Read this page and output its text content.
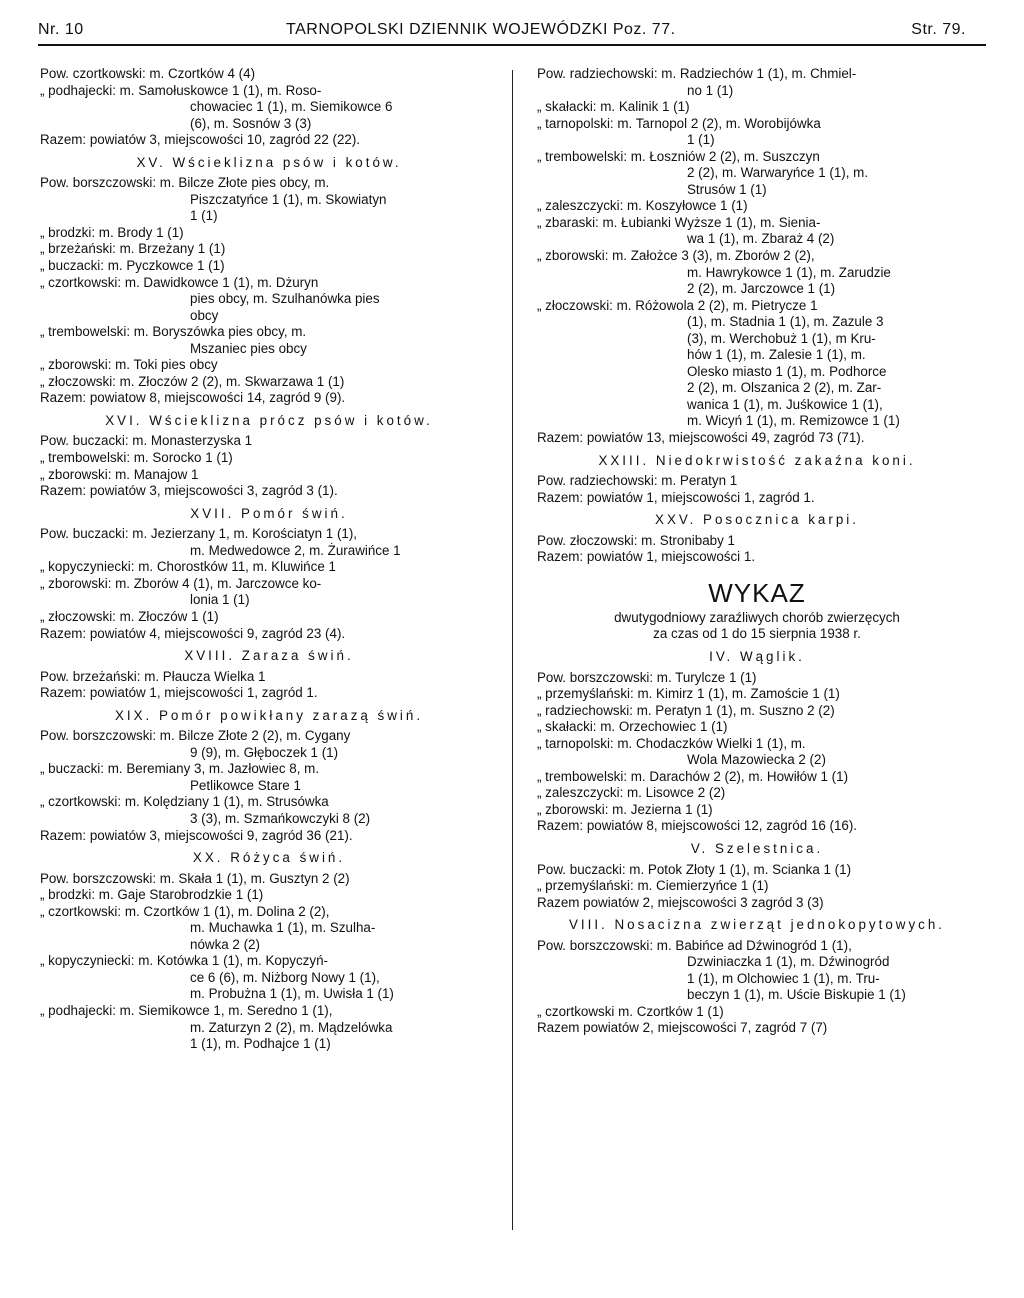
Nr. 10	TARNOPOLSKI DZIENNIK WOJEWÓDZKI Poz. 77.	Str. 79.
Pow. czortkowski: m. Czortków 4 (4)
„ podhajecki: m. Samołuskowce 1 (1), m. Roso-
chowaciec 1 (1), m. Siemikowce 6
(6), m. Sosnów 3 (3)
Razem: powiatów 3, miejscowości 10, zagród 22 (22).
XV. Wścieklizna psów i kotów.
Pow. borszczowski: m. Bilcze Złote pies obcy, m.
Piszczatyńce 1 (1), m. Skowiatyn
1 (1)
„ brodzki: m. Brody 1 (1)
„ brzeżański: m. Brzeżany 1 (1)
„ buczacki: m. Pyczkowce 1 (1)
„ czortkowski: m. Dawidkowce 1 (1), m. Dżuryn
pies obcy, m. Szulhanówka pies
obcy
„ trembowelski: m. Boryszówka pies obcy, m.
Mszaniec pies obcy
„ zborowski: m. Toki pies obcy
„ złoczowski: m. Złoczów 2 (2), m. Skwarzawa 1 (1)
Razem: powiatow 8, miejscowości 14, zagród 9 (9).
XVI. Wścieklizna prócz psów i kotów.
Pow. buczacki: m. Monasterzyska 1
„ trembowelski: m. Sorocko 1 (1)
„ zborowski: m. Manajow 1
Razem: powiatów 3, miejscowości 3, zagród 3 (1).
XVII. Pomór świń.
Pow. buczacki: m. Jezierzany 1, m. Korościatyn 1 (1),
m. Medwedowce 2, m. Żurawińce 1
„ kopyczyniecki: m. Chorostków 11, m. Kluwińce 1
„ zborowski: m. Zborów 4 (1), m. Jarczowce ko-
lonia 1 (1)
„ złoczowski: m. Złoczów 1 (1)
Razem: powiatów 4, miejscowości 9, zagród 23 (4).
XVIII. Zaraza świń.
Pow. brzeżański: m. Płaucza Wielka 1
Razem: powiatów 1, miejscowości 1, zagród 1.
XIX. Pomór powikłany zarazą świń.
Pow. borszczowski: m. Bilcze Złote 2 (2), m. Cygany
9 (9), m. Głęboczek 1 (1)
„ buczacki: m. Beremiany 3, m. Jazłowiec 8, m.
Petlikowce Stare 1
„ czortkowski: m. Kolędziany 1 (1), m. Strusówka
3 (3), m. Szmańkowczyki 8 (2)
Razem: powiatów 3, miejscowości 9, zagród 36 (21).
XX. Różyca świń.
Pow. borszczowski: m. Skała 1 (1), m. Gusztyn 2 (2)
„ brodzki: m. Gaje Starobrodzkie 1 (1)
„ czortkowski: m. Czortków 1 (1), m. Dolina 2 (2),
m. Muchawka 1 (1), m. Szulha-
nówka 2 (2)
„ kopyczyniecki: m. Kotówka 1 (1), m. Kopyczyń-
ce 6 (6), m. Niżborg Nowy 1 (1),
m. Probużna 1 (1), m. Uwisła 1 (1)
„ podhajecki: m. Siemikowce 1, m. Seredno 1 (1),
m. Zaturzyn 2 (2), m. Mądzelówka
1 (1), m. Podhajce 1 (1)
Pow. radziechowski: m. Radziechów 1 (1), m. Chmiel-
no 1 (1)
„ skałacki: m. Kalinik 1 (1)
„ tarnopolski: m. Tarnopol 2 (2), m. Worobijówka
1 (1)
„ trembowelski: m. Łoszniów 2 (2), m. Suszczyn
2 (2), m. Warwaryńce 1 (1), m.
Strusów 1 (1)
„ zaleszczycki: m. Koszyłowce 1 (1)
„ zbaraski: m. Łubianki Wyższe 1 (1), m. Sienia-
wa 1 (1), m. Zbaraż 4 (2)
„ zborowski: m. Założce 3 (3), m. Zborów 2 (2),
m. Hawrykowce 1 (1), m. Zarudzie
2 (2), m. Jarczowce 1 (1)
„ złoczowski: m. Różowola 2 (2), m. Pietrycze 1
(1), m. Stadnia 1 (1), m. Zazule 3
(3), m. Werchobuż 1 (1), m Kru-
hów 1 (1), m. Zalesie 1 (1), m.
Olesko miasto 1 (1), m. Podhorce
2 (2), m. Olszanica 2 (2), m. Zar-
wanica 1 (1), m. Juśkowice 1 (1),
m. Wicyń 1 (1), m. Remizowce 1 (1)
Razem: powiatów 13, miejscowości 49, zagród 73 (71).
XXIII. Niedokrwistość zakaźna koni.
Pow. radziechowski: m. Peratyn 1
Razem: powiatów 1, miejscowości 1, zagród 1.
XXV. Posocznica karpi.
Pow. złoczowski: m. Stronibaby 1
Razem: powiatów 1, miejscowości 1.
WYKAZ
dwutygodniowy zaraźliwych chorób zwierzęcych
za czas od 1 do 15 sierpnia 1938 r.
IV. Wąglik.
Pow. borszczowski: m. Turylcze 1 (1)
„ przemyślański: m. Kimirz 1 (1), m. Zamoście 1 (1)
„ radziechowski: m. Peratyn 1 (1), m. Suszno 2 (2)
„ skałacki: m. Orzechowiec 1 (1)
„ tarnopolski: m. Chodaczków Wielki 1 (1), m.
Wola Mazowiecka 2 (2)
„ trembowelski: m. Darachów 2 (2), m. Howiłów 1 (1)
„ zaleszczycki: m. Lisowce 2 (2)
„ zborowski: m. Jezierna 1 (1)
Razem: powiatów 8, miejscowości 12, zagród 16 (16).
V. Szelestnica.
Pow. buczacki: m. Potok Złoty 1 (1), m. Scianka 1 (1)
„ przemyślański: m. Ciemierzyńce 1 (1)
Razem powiatów 2, miejscowości 3 zagród 3 (3)
VIII. Nosacizna zwierząt jednokopytowych.
Pow. borszczowski: m. Babińce ad Dźwinogród 1 (1),
Dzwiniaczka 1 (1), m. Dźwinogród
1 (1), m Olchowiec 1 (1), m. Tru-
beczyn 1 (1), m. Uście Biskupie 1 (1)
„ czortkowski m. Czortków 1 (1)
Razem powiatów 2, miejscowości 7, zagród 7 (7)
